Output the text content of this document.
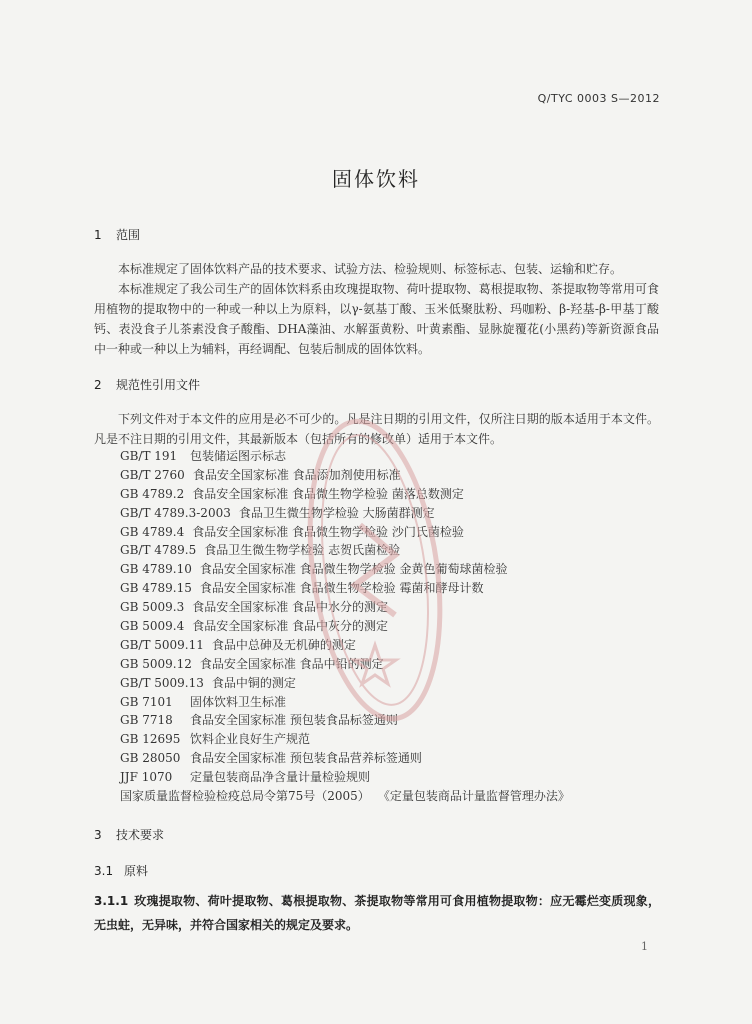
Q/TYC 0003 S—2012
固体饮料
1 范围
本标准规定了固体饮料产品的技术要求、试验方法、检验规则、标签标志、包装、运输和贮存。
本标准规定了我公司生产的固体饮料系由玫瑰提取物、荷叶提取物、葛根提取物、茶提取物等常用可食用植物的提取物中的一种或一种以上为原料，以γ-氨基丁酸、玉米低聚肽粉、玛咖粉、β-羟基-β-甲基丁酸钙、表没食子儿茶素没食子酸酯、DHA藻油、水解蛋黄粉、叶黄素酯、显脉旋覆花(小黑药)等新资源食品中一种或一种以上为辅料，再经调配、包装后制成的固体饮料。
2 规范性引用文件
下列文件对于本文件的应用是必不可少的。凡是注日期的引用文件，仅所注日期的版本适用于本文件。凡是不注日期的引用文件，其最新版本（包括所有的修改单）适用于本文件。
GB/T 191 包装储运图示标志
GB/T 2760 食品安全国家标准 食品添加剂使用标准
GB 4789.2 食品安全国家标准 食品微生物学检验 菌落总数测定
GB/T 4789.3-2003 食品卫生微生物学检验 大肠菌群测定
GB 4789.4 食品安全国家标准 食品微生物学检验 沙门氏菌检验
GB/T 4789.5 食品卫生微生物学检验 志贺氏菌检验
GB 4789.10 食品安全国家标准 食品微生物学检验 金黄色葡萄球菌检验
GB 4789.15 食品安全国家标准 食品微生物学检验 霉菌和酵母计数
GB 5009.3 食品安全国家标准 食品中水分的测定
GB 5009.4 食品安全国家标准 食品中灰分的测定
GB/T 5009.11 食品中总砷及无机砷的测定
GB 5009.12 食品安全国家标准 食品中铅的测定
GB/T 5009.13 食品中铜的测定
GB 7101 固体饮料卫生标准
GB 7718 食品安全国家标准 预包装食品标签通则
GB 12695 饮料企业良好生产规范
GB 28050 食品安全国家标准 预包装食品营养标签通则
JJF 1070 定量包装商品净含量计量检验规则
国家质量监督检验检疫总局令第75号（2005） 《定量包装商品计量监督管理办法》
3 技术要求
3.1 原料
3.1.1 玫瑰提取物、荷叶提取物、葛根提取物、茶提取物等常用可食用植物提取物：应无霉烂变质现象，无虫蛀，无异味，并符合国家相关的规定及要求。
1
